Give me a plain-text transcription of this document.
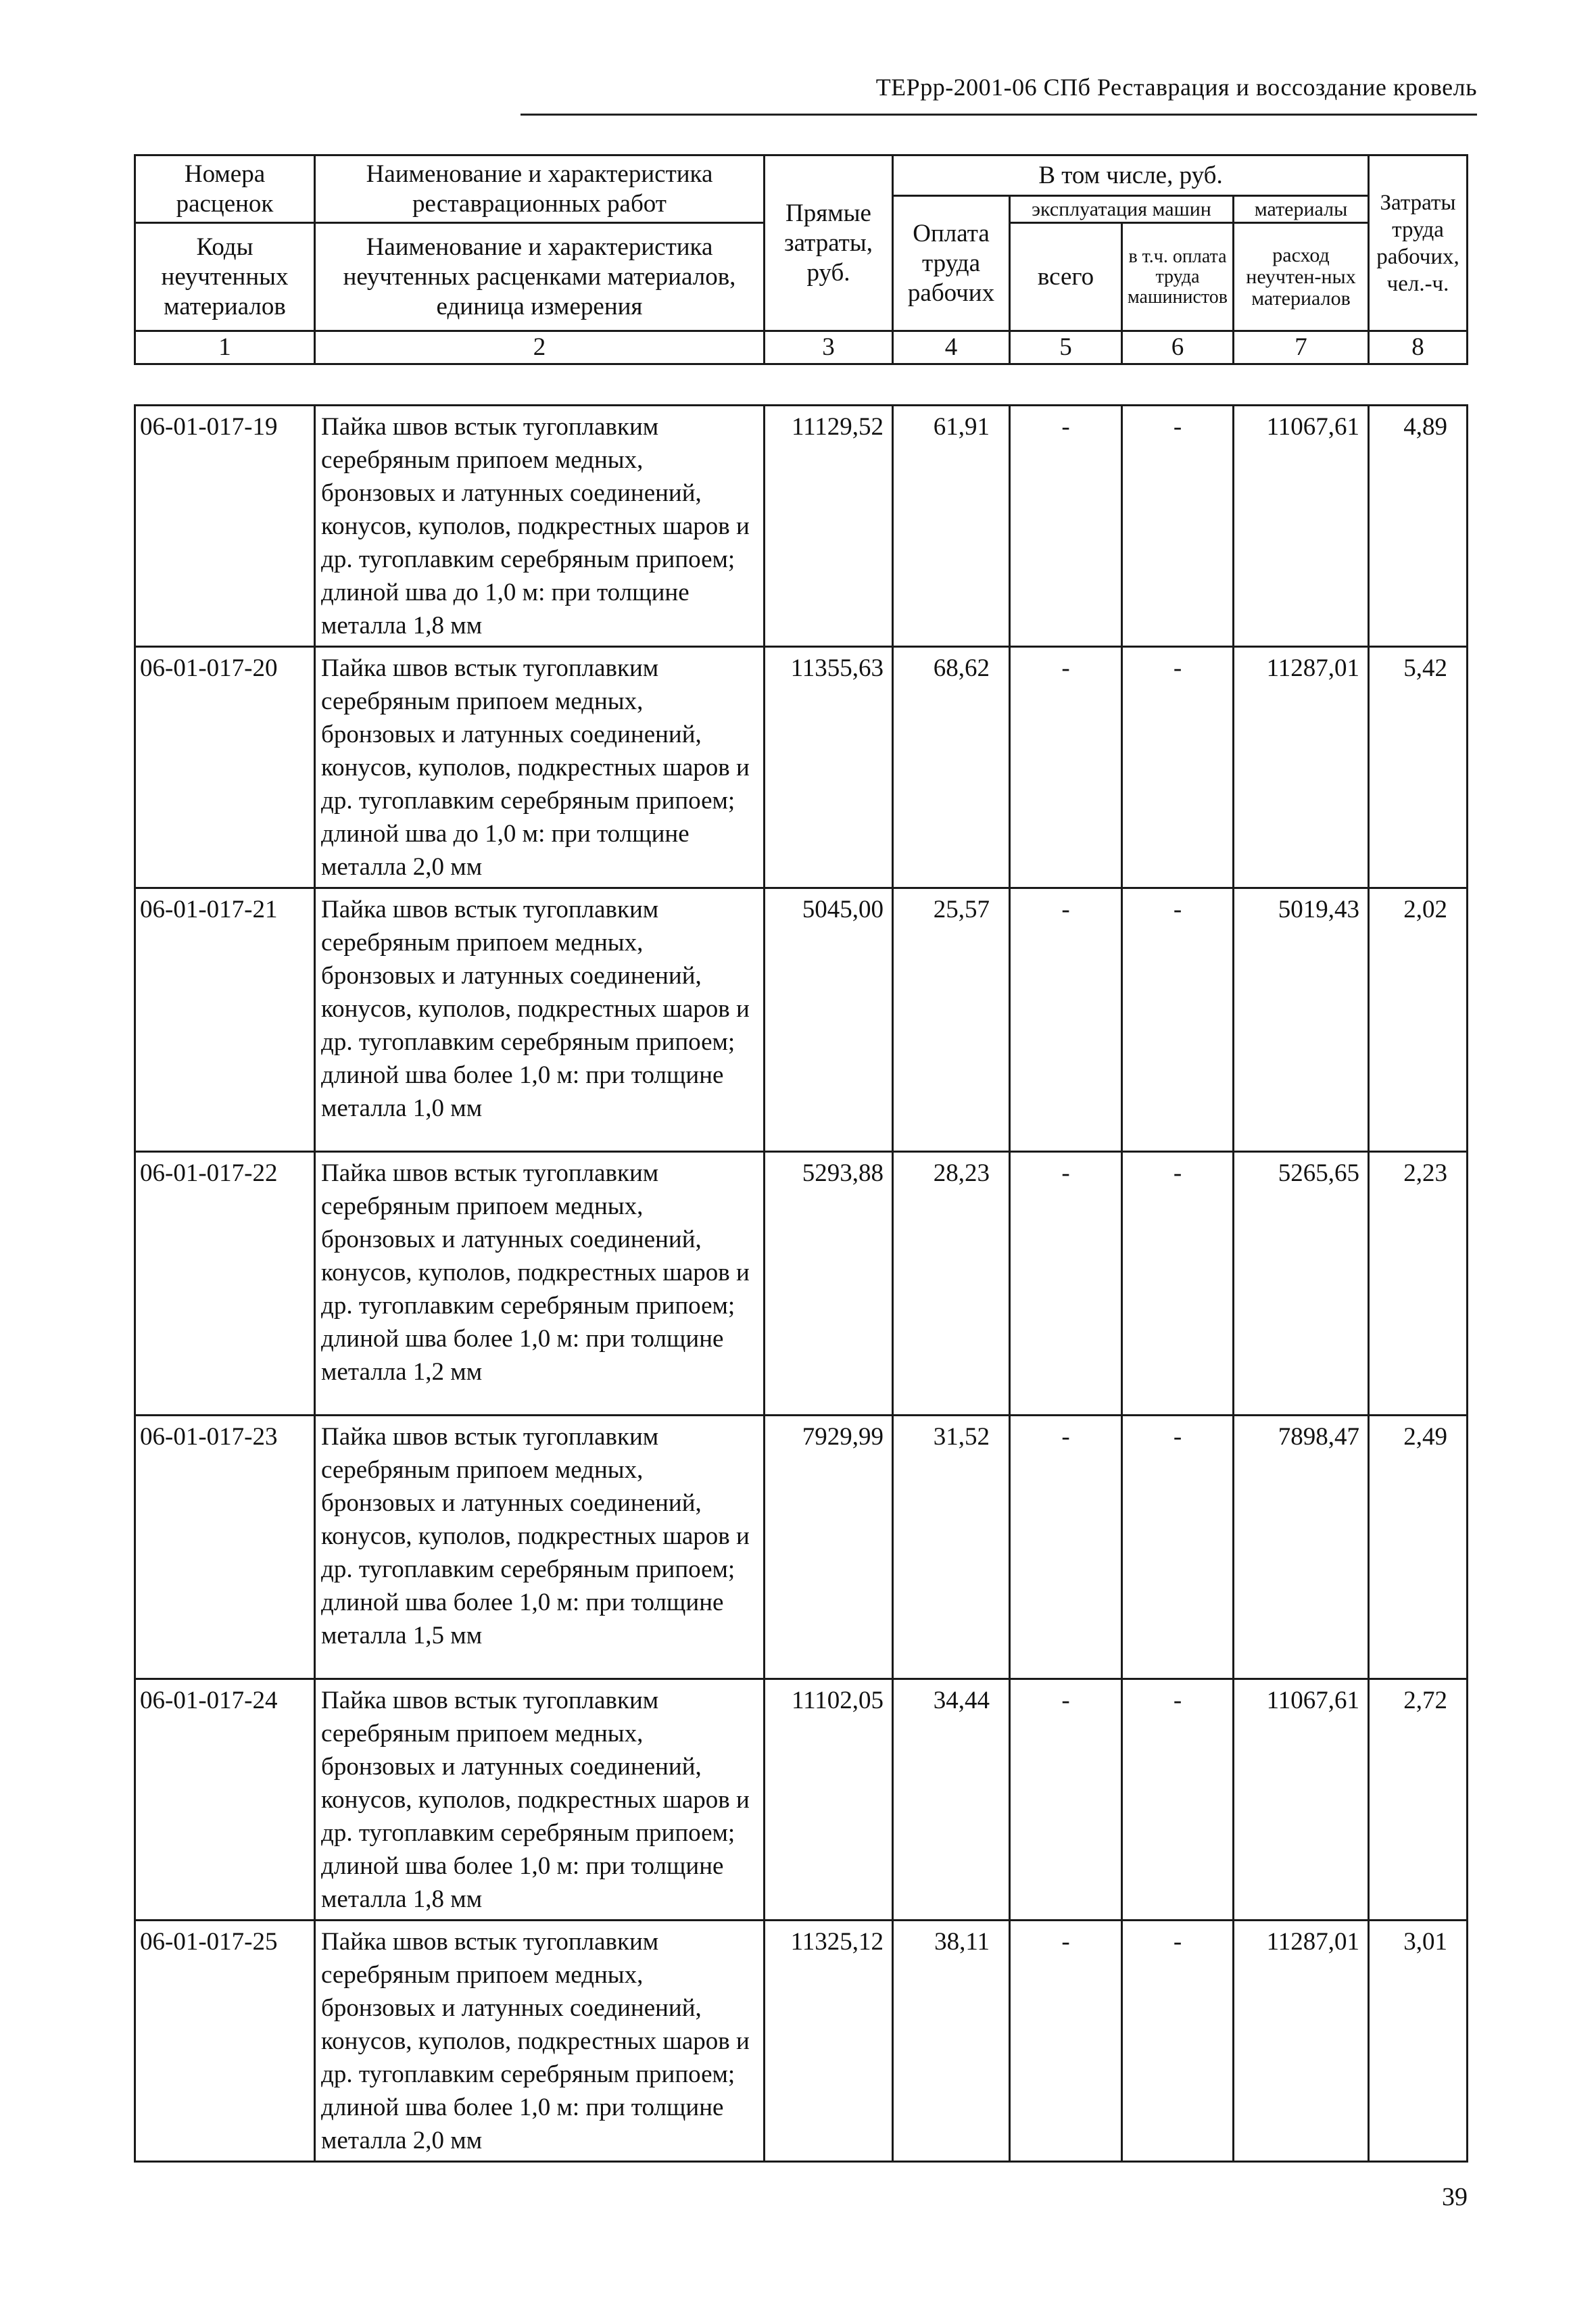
ТЕРрр-2001-06 СПб Реставрация и воссоздание кровель
Номера расценок	Наименование и характеристика реставрационных работ	Прямые затраты, руб.	В том числе, руб.				Затраты труда рабочих, чел.-ч.
			Оплата труда рабочих	эксплуатация машин		материалы	
Коды неучтенных материалов	Наименование и характеристика неучтенных расценками материалов, единица измерения			всего	в т.ч. оплата труда машинистов	расход неучтен-ных материалов	

1	2	3	4	5	6	7	8
06-01-017-19	Пайка швов встык тугоплавким серебряным припоем медных, бронзовых и латунных соединений, конусов, куполов, подкрестных шаров и др. тугоплавким серебряным припоем; длиной шва до 1,0 м: при толщине металла 1,8 мм	11129,52	61,91	-	-	11067,61	4,89
06-01-017-20	Пайка швов встык тугоплавким серебряным припоем медных, бронзовых и латунных соединений, конусов, куполов, подкрестных шаров и др. тугоплавким серебряным припоем; длиной шва до 1,0 м: при толщине металла 2,0 мм	11355,63	68,62	-	-	11287,01	5,42
06-01-017-21	Пайка швов встык тугоплавким серебряным припоем медных, бронзовых и латунных соединений, конусов, куполов, подкрестных шаров и др. тугоплавким серебряным припоем; длиной шва более 1,0 м: при толщине металла 1,0 мм	5045,00	25,57	-	-	5019,43	2,02
06-01-017-22	Пайка швов встык тугоплавким серебряным припоем медных, бронзовых и латунных соединений, конусов, куполов, подкрестных шаров и др. тугоплавким серебряным припоем; длиной шва более 1,0 м: при толщине металла 1,2 мм	5293,88	28,23	-	-	5265,65	2,23
06-01-017-23	Пайка швов встык тугоплавким серебряным припоем медных, бронзовых и латунных соединений, конусов, куполов, подкрестных шаров и др. тугоплавким серебряным припоем; длиной шва более 1,0 м: при толщине металла 1,5 мм	7929,99	31,52	-	-	7898,47	2,49
06-01-017-24	Пайка швов встык тугоплавким серебряным припоем медных, бронзовых и латунных соединений, конусов, куполов, подкрестных шаров и др. тугоплавким серебряным припоем; длиной шва более 1,0 м: при толщине металла 1,8 мм	11102,05	34,44	-	-	11067,61	2,72
06-01-017-25	Пайка швов встык тугоплавким серебряным припоем медных, бронзовых и латунных соединений, конусов, куполов, подкрестных шаров и др. тугоплавким серебряным припоем; длиной шва более 1,0 м: при толщине металла 2,0 мм	11325,12	38,11	-	-	11287,01	3,01
39
